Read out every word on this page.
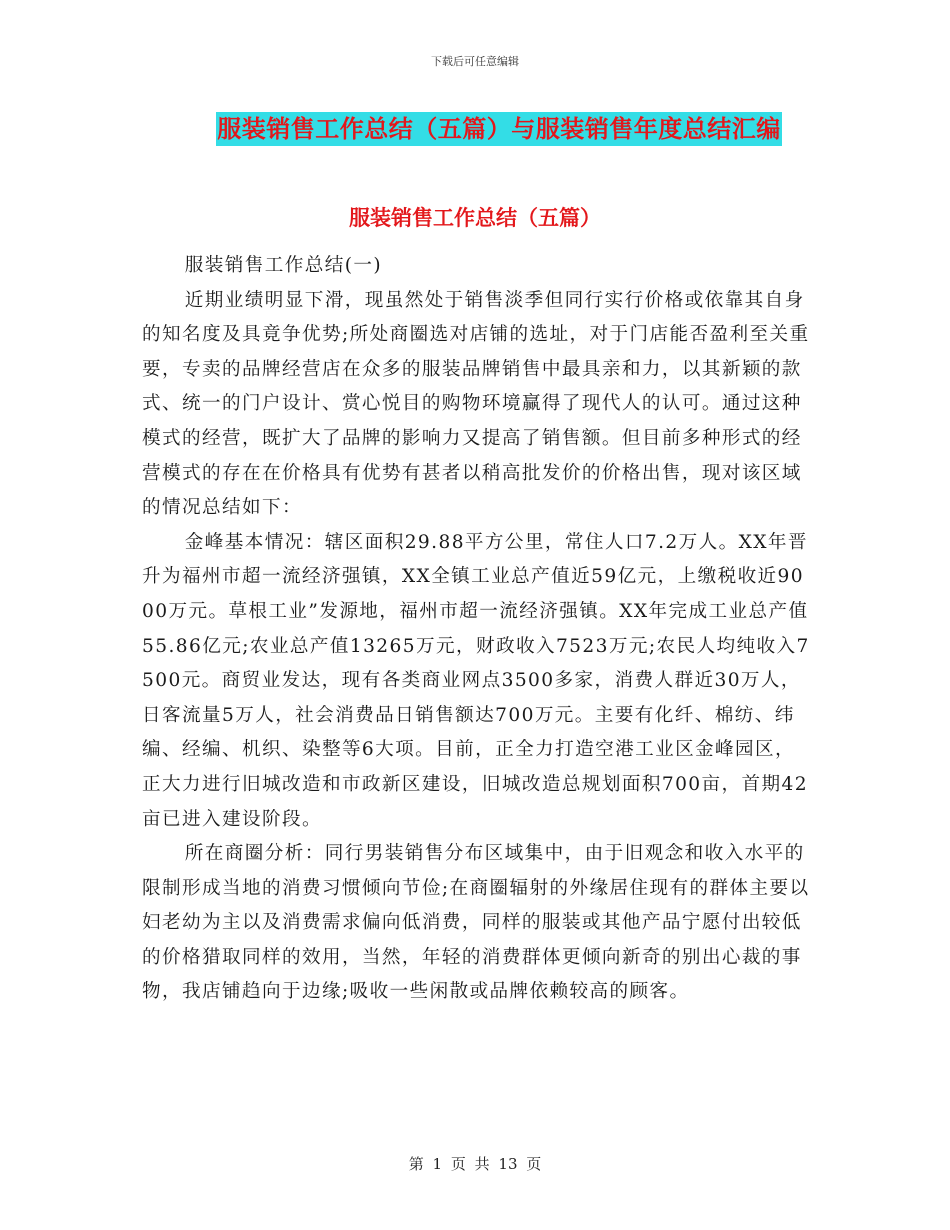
下载后可任意编辑
服装销售工作总结（五篇）与服装销售年度总结汇编
服装销售工作总结（五篇）

服装销售工作总结(一)

近期业绩明显下滑，现虽然处于销售淡季但同行实行价格或依靠其自身的知名度及具竟争优势;所处商圈选对店铺的选址，对于门店能否盈利至关重要，专卖的品牌经营店在众多的服装品牌销售中最具亲和力，以其新颖的款式、统一的门户设计、赏心悦目的购物环境赢得了现代人的认可。通过这种模式的经营，既扩大了品牌的影响力又提高了销售额。但目前多种形式的经营模式的存在在价格具有优势有甚者以稍高批发价的价格出售，现对该区域的情况总结如下：

金峰基本情况：辖区面积29.88平方公里，常住人口7.2万人。XX年晋升为福州市超一流经济强镇，XX全镇工业总产值近59亿元，上缴税收近9000万元。草根工业”发源地，福州市超一流经济强镇。XX年完成工业总产值55.86亿元;农业总产值13265万元，财政收入7523万元;农民人均纯收入7500元。商贸业发达，现有各类商业网点3500多家，消费人群近30万人，日客流量5万人，社会消费品日销售额达700万元。主要有化纤、棉纺、纬编、经编、机织、染整等6大项。目前，正全力打造空港工业区金峰园区，正大力进行旧城改造和市政新区建设，旧城改造总规划面积700亩，首期42亩已进入建设阶段。

所在商圈分析：同行男装销售分布区域集中，由于旧观念和收入水平的限制形成当地的消费习惯倾向节俭;在商圈辐射的外缘居住现有的群体主要以妇老幼为主以及消费需求偏向低消费，同样的服装或其他产品宁愿付出较低的价格猎取同样的效用，当然，年轻的消费群体更倾向新奇的别出心裁的事物，我店铺趋向于边缘;吸收一些闲散或品牌依赖较高的顾客。

第 1 页 共 13 页
